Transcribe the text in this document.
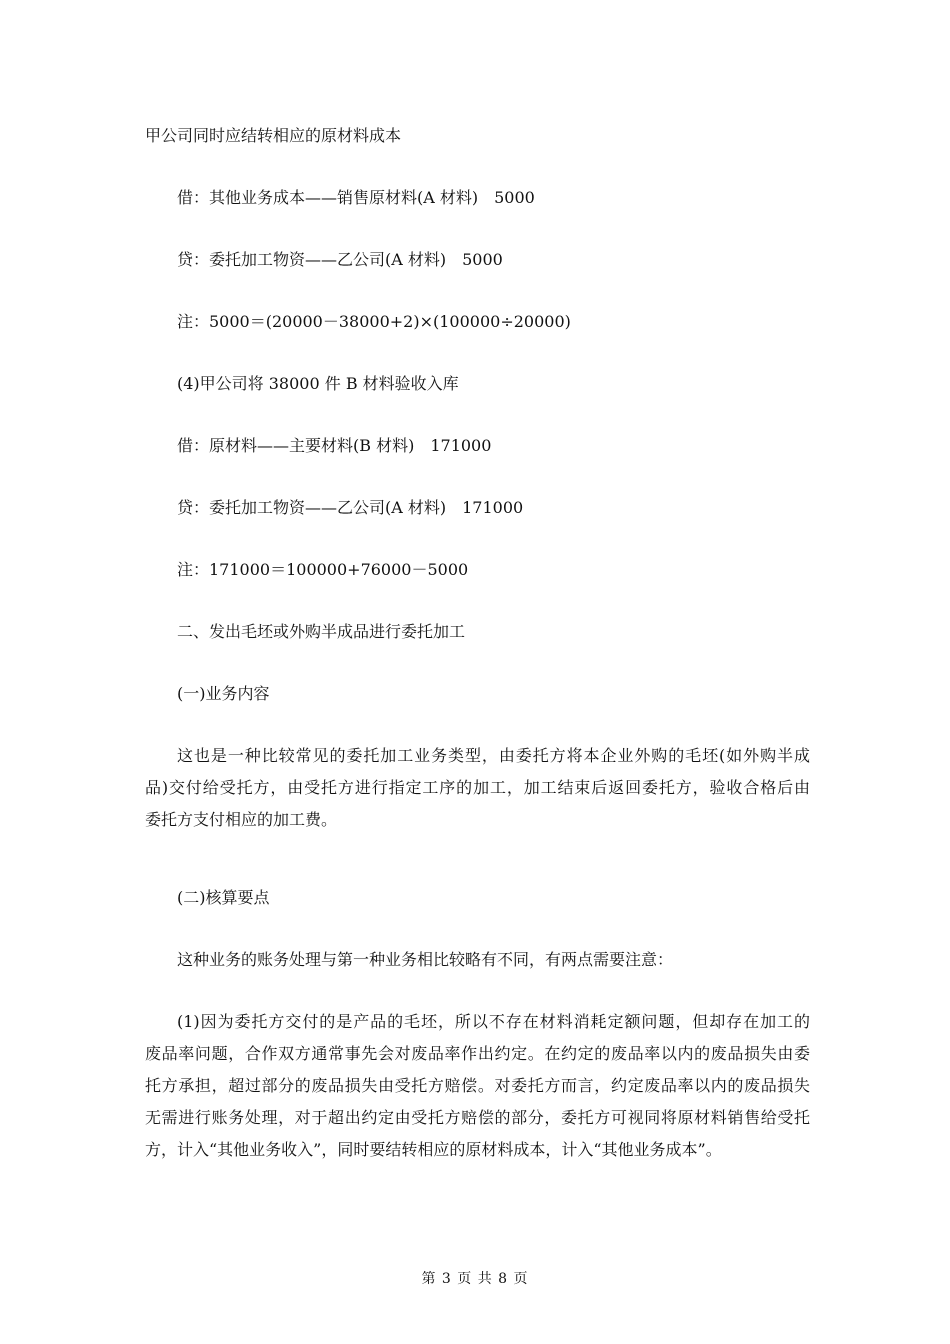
甲公司同时应结转相应的原材料成本
借：其他业务成本——销售原材料(A 材料)　5000
贷：委托加工物资——乙公司(A 材料)　5000
注：5000＝(20000－38000+2)×(100000÷20000)
(4)甲公司将 38000 件 B 材料验收入库
借：原材料——主要材料(B 材料)　171000
贷：委托加工物资——乙公司(A 材料)　171000
注：171000＝100000+76000－5000
二、发出毛坯或外购半成品进行委托加工
(一)业务内容
这也是一种比较常见的委托加工业务类型，由委托方将本企业外购的毛坯(如外购半成
品)交付给受托方，由受托方进行指定工序的加工，加工结束后返回委托方，验收合格后由
委托方支付相应的加工费。
(二)核算要点
这种业务的账务处理与第一种业务相比较略有不同，有两点需要注意：
(1)因为委托方交付的是产品的毛坯，所以不存在材料消耗定额问题，但却存在加工的
废品率问题，合作双方通常事先会对废品率作出约定。在约定的废品率以内的废品损失由委
托方承担，超过部分的废品损失由受托方赔偿。对委托方而言，约定废品率以内的废品损失
无需进行账务处理，对于超出约定由受托方赔偿的部分，委托方可视同将原材料销售给受托
方，计入“其他业务收入”，同时要结转相应的原材料成本，计入“其他业务成本”。
第 3 页 共 8 页
